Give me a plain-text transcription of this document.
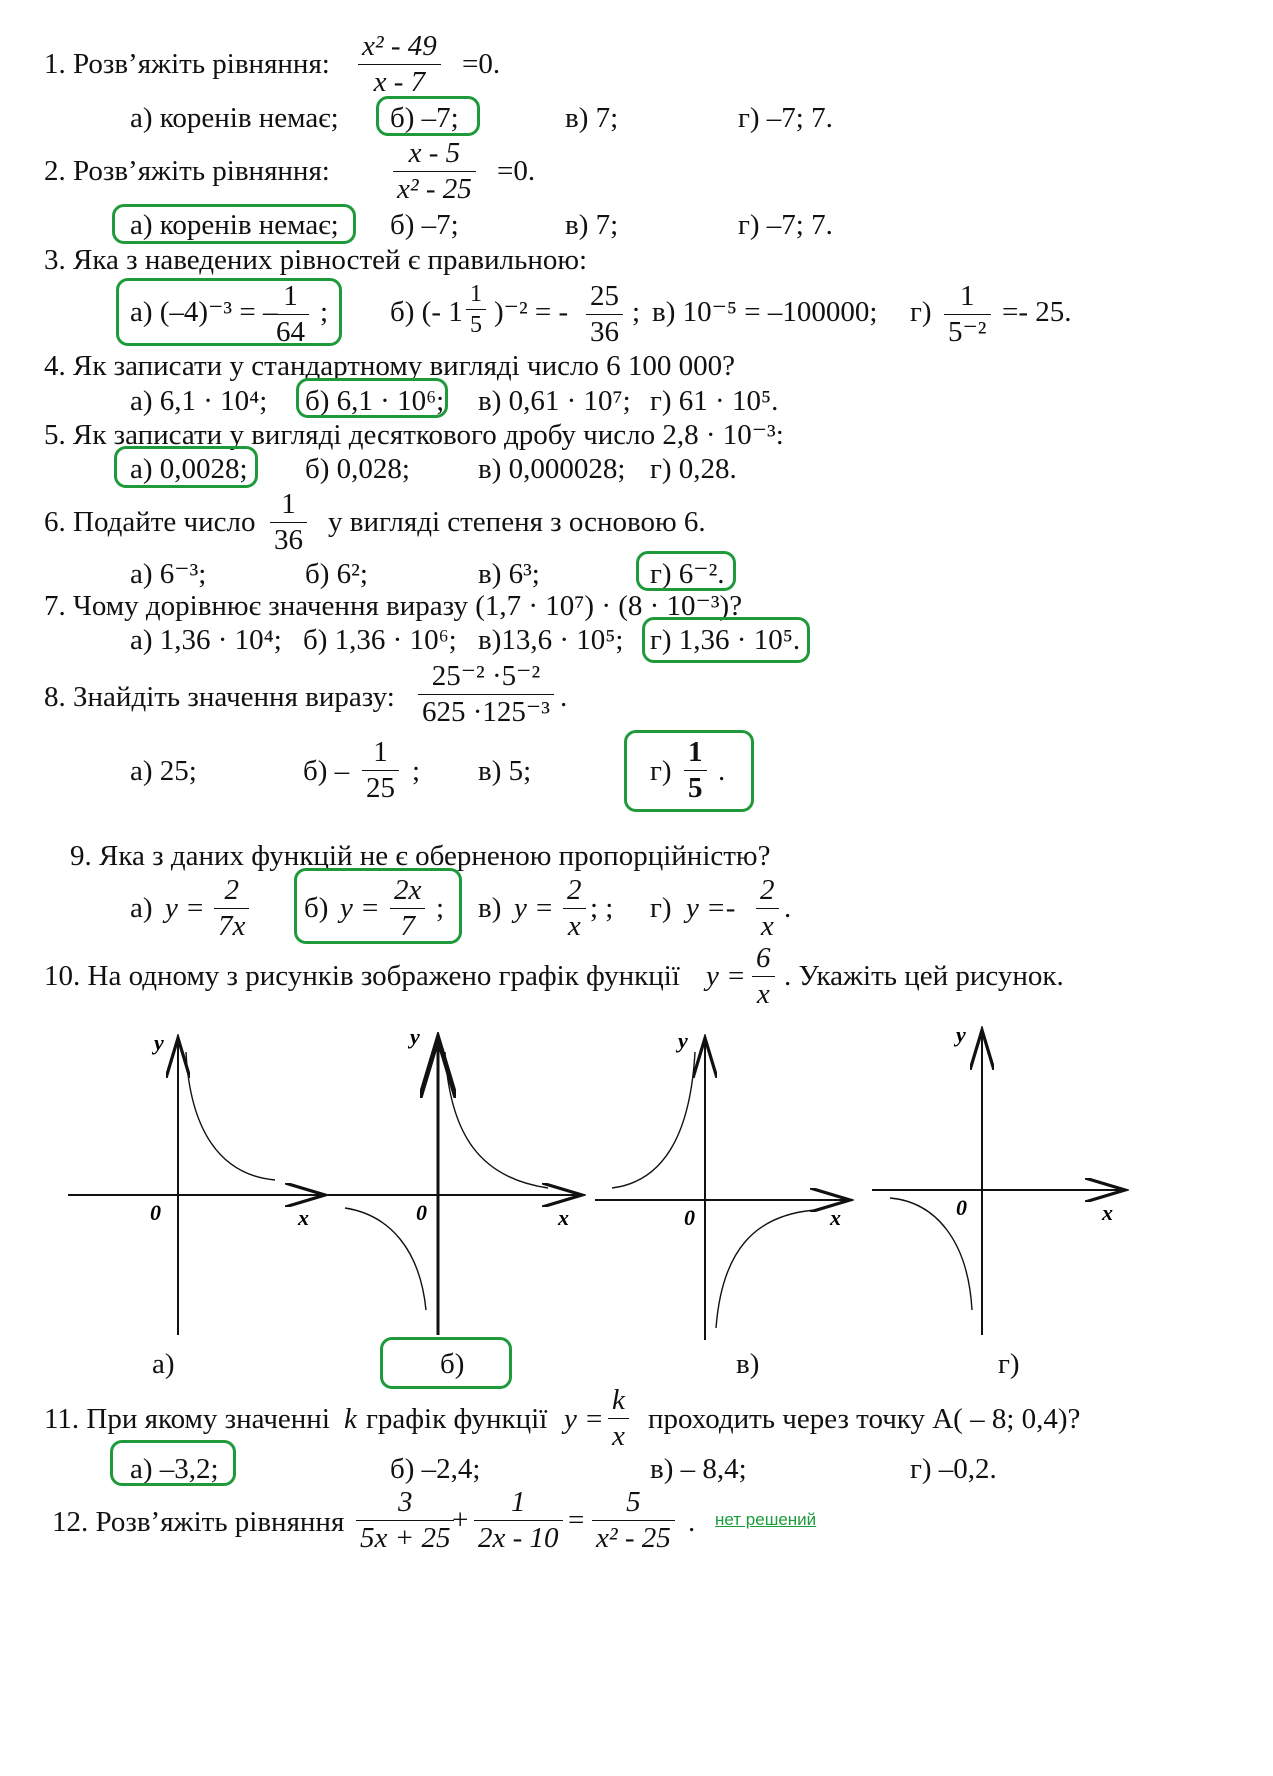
1. Розв’яжіть рівняння:
x² - 49
x - 7
=0.
а) коренів немає; б) –7;	в) 7;	г) –7; 7.
2. Розв’яжіть рівняння:
x - 5
x² - 25
=0.
а) коренів немає; б) –7;	в) 7;	г) –7; 7.
3. Яка з наведених рівностей є правильною:
а) (–4)⁻³ = – 1
64
; б) (- 1
1
5 )⁻² = - 25
36
; в) 10⁻⁵ = –100000; г) 1
5⁻²
=- 25.
4. Як записати у стандартному вигляді число 6 100 000?
а) 6,1 · 10⁴; б) 6,1 · 10⁶; в) 0,61 · 10⁷; г) 61 · 10⁵.
5. Як записати у вигляді десяткового дробу число 2,8 · 10⁻³:
а) 0,0028; б) 0,028; в) 0,000028; г) 0,28.
6. Подайте число
1
36
у вигляді степеня з основою 6.
а) 6⁻³;	б) 6²;	в) 6³;	г) 6⁻².
7. Чому дорівнює значення виразу (1,7 · 10⁷) · (8 · 10⁻³)?
а) 1,36 · 10⁴; б) 1,36 · 10⁶; в)13,6 · 10⁵; г) 1,36 · 10⁵.
8. Знайдіть значення виразу:
25⁻² ·5⁻²
625 ·125⁻³ .
а) 25;	б) –
1
25
; в) 5;	г)
1
5
.
9. Яка з даних функцій не є оберненою пропорційністю?
а) y =
2
7x
б) y =
2x
7
; в) y =
2
x
; ; г) y =-
2
x
.
10. На одному з рисунків зображено графік функції y =
6
x
. Укажіть цей рисунок.
y
0	x
y
0	x
y
0	x
y
0	x
а)	б)	в)	г)
11. При якому значенні k графік функції y =
k
x
проходить через точку A( – 8; 0,4)?
а) –3,2;	б) –2,4;	в) – 8,4;	г) –0,2.
12. Розв’яжіть рівняння
3
5x + 25
+
1
2x - 10
=
5
x² - 25 . нет решений
